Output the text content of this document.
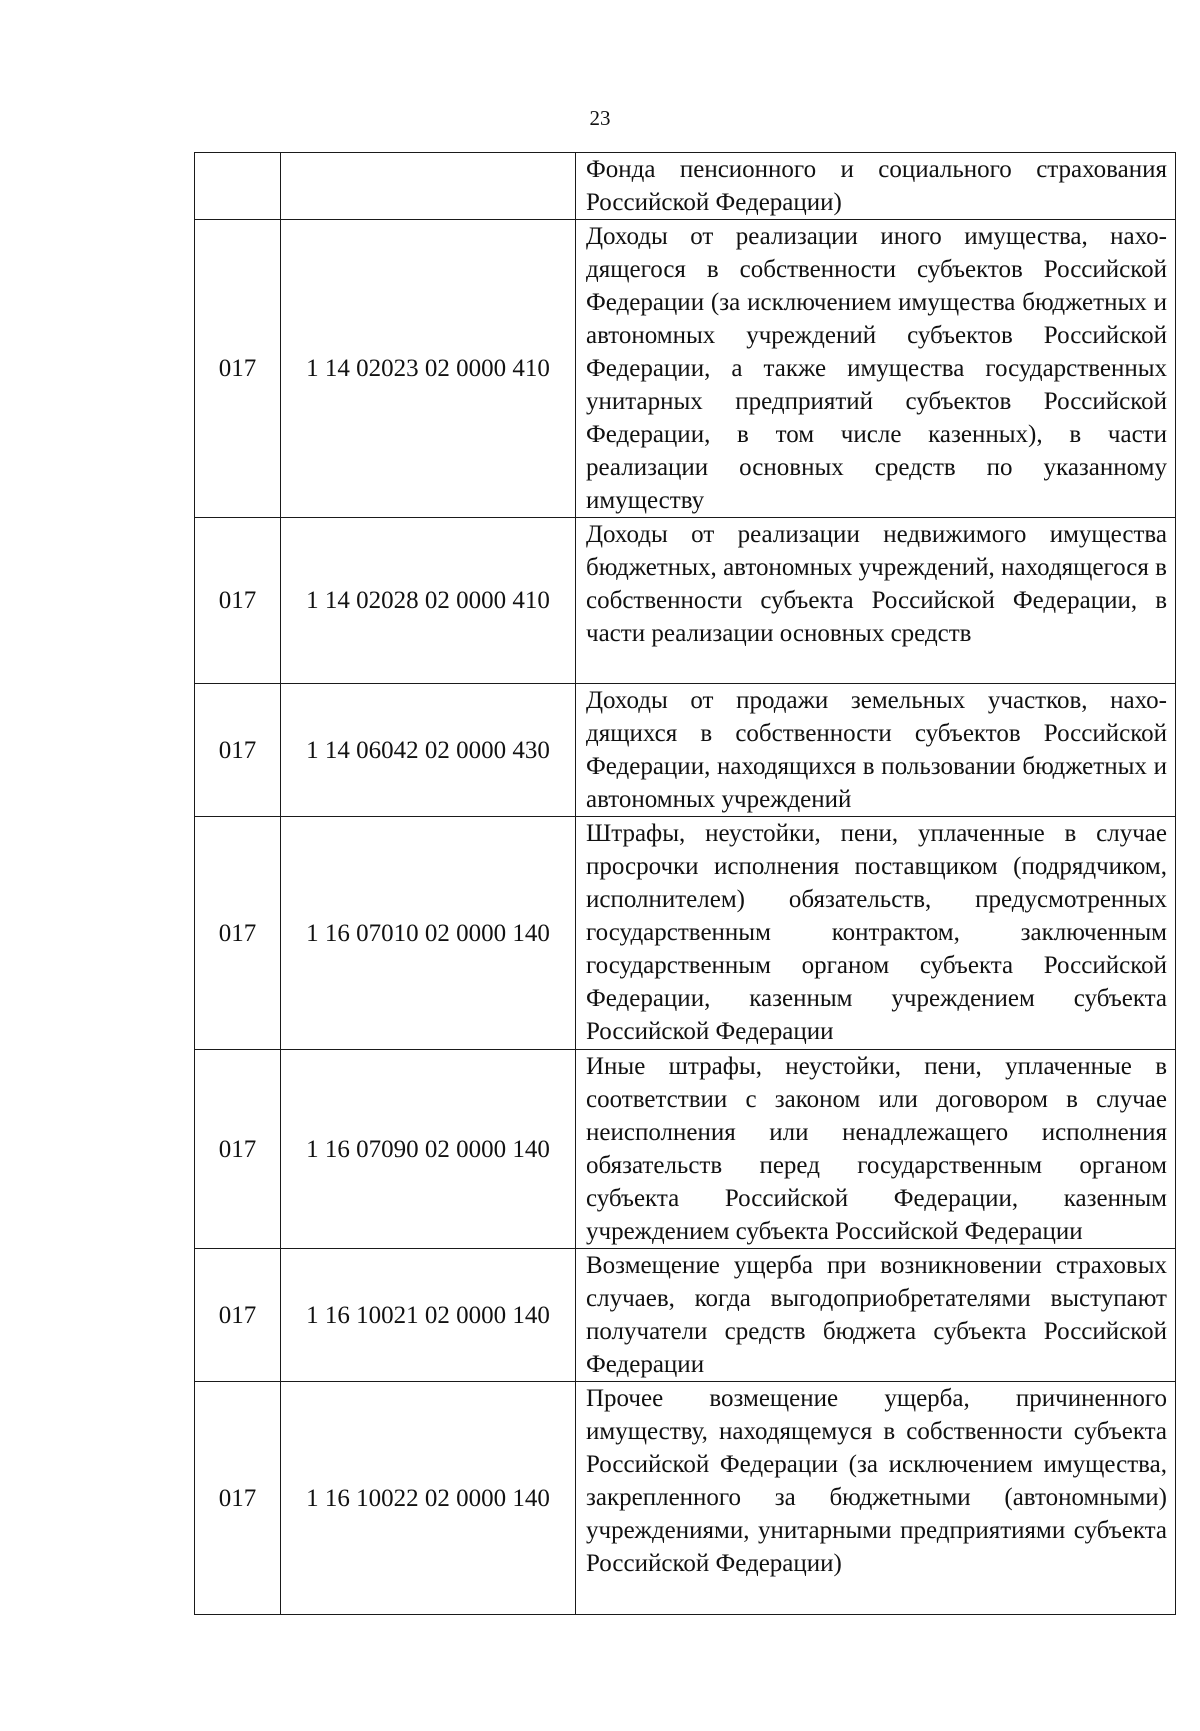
23
		Фонда пенсионного и социального страхования Российской Федерации)
017	1 14 02023 02 0000 410	Доходы от реализации иного имущества, находящегося в собственности субъектов Российской Федерации (за исключением имущества бюджетных и автономных учреждений субъектов Российской Федерации, а также имущества государственных унитарных предприятий субъектов Российской Федерации, в том числе казенных), в части реализации основных средств по указанному имуществу
017	1 14 02028 02 0000 410	Доходы от реализации недвижимого имущества бюджетных, автономных учреждений, находящегося в собственности субъекта Российской Федерации, в части реализации основных средств
017	1 14 06042 02 0000 430	Доходы от продажи земельных участков, находящихся в собственности субъектов Российской Федерации, находящихся в пользовании бюджетных и автономных учреждений
017	1 16 07010 02 0000 140	Штрафы, неустойки, пени, уплаченные в случае просрочки исполнения поставщиком (подрядчиком, исполнителем) обязательств, предусмотренных государственным контрактом, заключенным государственным органом субъекта Российской Федерации, казенным учреждением субъекта Российской Федерации
017	1 16 07090 02 0000 140	Иные штрафы, неустойки, пени, уплаченные в соответствии с законом или договором в случае неисполнения или ненадлежащего исполнения обязательств перед государственным органом субъекта Российской Федерации, казенным учреждением субъекта Российской Федерации
017	1 16 10021 02 0000 140	Возмещение ущерба при возникновении страховых случаев, когда выгодоприобретателями выступают получатели средств бюджета субъекта Российской Федерации
017	1 16 10022 02 0000 140	Прочее возмещение ущерба, причиненного имуществу, находящемуся в собственности субъекта Российской Федерации (за исключением имущества, закрепленного за бюджетными (автономными) учреждениями, унитарными предприятиями субъекта Российской Федерации)
